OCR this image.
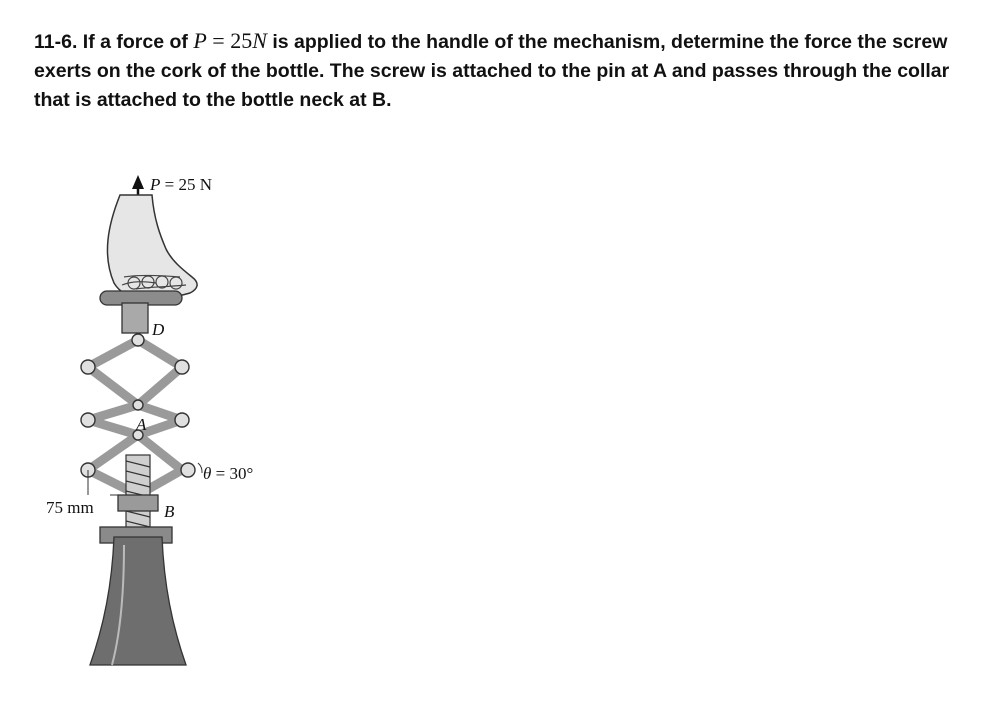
11-6. If a force of P = 25N is applied to the handle of the mechanism, determine the force the screw exerts on the cork of the bottle. The screw is attached to the pin at A and passes through the collar that is attached to the bottle neck at B.
P = 25 N
D
A
θ = 30°
B
75 mm
